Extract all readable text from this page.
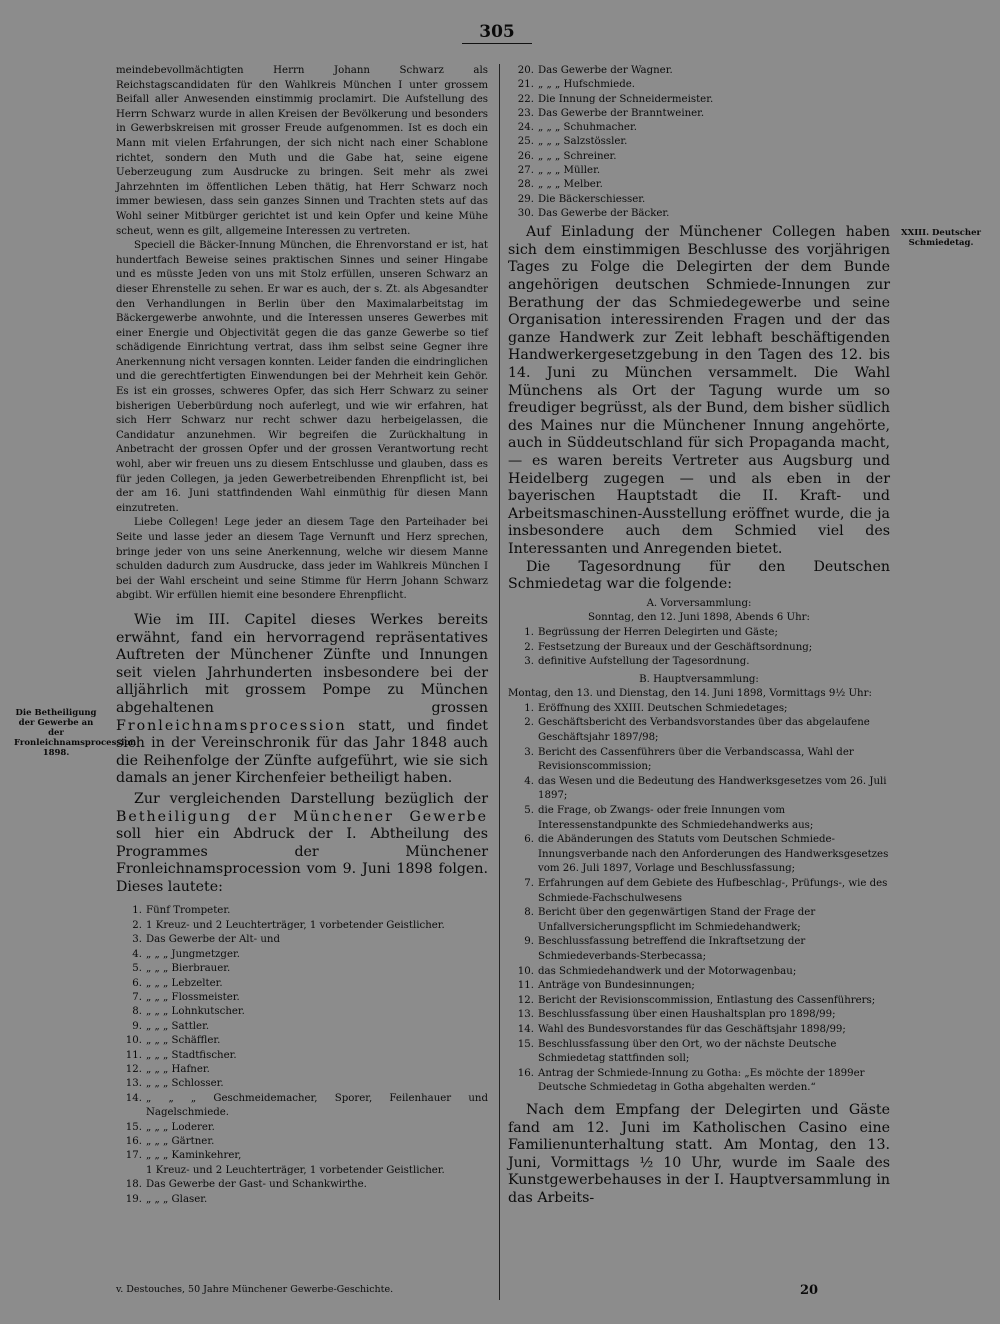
305

meindebevollmächtigten Herrn Johann Schwarz als Reichstagscandidaten für den Wahlkreis München I unter grossem Beifall aller Anwesenden einstimmig proclamirt. Die Aufstellung des Herrn Schwarz wurde in allen Kreisen der Bevölkerung und besonders in Gewerbskreisen mit grosser Freude aufgenommen. Ist es doch ein Mann mit vielen Erfahrungen, der sich nicht nach einer Schablone richtet, sondern den Muth und die Gabe hat, seine eigene Ueberzeugung zum Ausdrucke zu bringen. Seit mehr als zwei Jahrzehnten im öffentlichen Leben thätig, hat Herr Schwarz noch immer bewiesen, dass sein ganzes Sinnen und Trachten stets auf das Wohl seiner Mitbürger gerichtet ist und kein Opfer und keine Mühe scheut, wenn es gilt, allgemeine Interessen zu vertreten.

Speciell die Bäcker-Innung München, die Ehrenvorstand er ist, hat hundertfach Beweise seines praktischen Sinnes und seiner Hingabe und es müsste Jeden von uns mit Stolz erfüllen, unseren Schwarz an dieser Ehrenstelle zu sehen. Er war es auch, der s. Zt. als Abgesandter den Verhandlungen in Berlin über den Maximalarbeitstag im Bäckergewerbe anwohnte, und die Interessen unseres Gewerbes mit einer Energie und Objectivität gegen die das ganze Gewerbe so tief schädigende Einrichtung vertrat, dass ihm selbst seine Gegner ihre Anerkennung nicht versagen konnten. Leider fanden die eindringlichen und die gerechtfertigten Einwendungen bei der Mehrheit kein Gehör. Es ist ein grosses, schweres Opfer, das sich Herr Schwarz zu seiner bisherigen Ueberbürdung noch auferlegt, und wie wir erfahren, hat sich Herr Schwarz nur recht schwer dazu herbeigelassen, die Candidatur anzunehmen. Wir begreifen die Zurückhaltung in Anbetracht der grossen Opfer und der grossen Verantwortung recht wohl, aber wir freuen uns zu diesem Entschlusse und glauben, dass es für jeden Collegen, ja jeden Gewerbetreibenden Ehrenpflicht ist, bei der am 16. Juni stattfindenden Wahl einmüthig für diesen Mann einzutreten.

Liebe Collegen! Lege jeder an diesem Tage den Parteihader bei Seite und lasse jeder an diesem Tage Vernunft und Herz sprechen, bringe jeder von uns seine Anerkennung, welche wir diesem Manne schulden dadurch zum Ausdrucke, dass jeder im Wahlkreis München I bei der Wahl erscheint und seine Stimme für Herrn Johann Schwarz abgibt. Wir erfüllen hiemit eine besondere Ehrenpflicht.

Wie im III. Capitel dieses Werkes bereits erwähnt, fand ein hervorragend repräsentatives Auftreten der Münchener Zünfte und Innungen seit vielen Jahrhunderten insbesondere bei der alljährlich mit grossem Pompe zu München abgehaltenen grossen Fronleichnamsprocession statt, und findet sich in der Vereinschronik für das Jahr 1848 auch die Reihenfolge der Zünfte aufgeführt, wie sie sich damals an jener Kirchenfeier betheiligt haben.

Zur vergleichenden Darstellung bezüglich der Betheiligung der Münchener Gewerbe soll hier ein Abdruck der I. Abtheilung des Programmes der Münchener Fronleichnamsprocession vom 9. Juni 1898 folgen. Dieses lautete:

1. Fünf Trompeter.
2. 1 Kreuz- und 2 Leuchterträger, 1 vorbetender Geistlicher.
3. Das Gewerbe der Alt- und
4. „ „ „ Jungmetzger.
5. „ „ „ Bierbrauer.
6. „ „ „ Lebzelter.
7. „ „ „ Flossmeister.
8. „ „ „ Lohnkutscher.
9. „ „ „ Sattler.
10. „ „ „ Schäffler.
11. „ „ „ Stadtfischer.
12. „ „ „ Hafner.
13. „ „ „ Schlosser.
14. „ „ „ Geschmeidemacher, Sporer, Feilenhauer und Nagelschmiede.
15. „ „ „ Loderer.
16. „ „ „ Gärtner.
17. „ „ „ Kaminkehrer,
1 Kreuz- und 2 Leuchterträger, 1 vorbetender Geistlicher.
18. Das Gewerbe der Gast- und Schankwirthe.
19. „ „ „ Glaser.
Die Betheiligung der Gewerbe an der Fronleichnamsprocession 1898.
20. Das Gewerbe der Wagner.
21. „ „ „ Hufschmiede.
22. Die Innung der Schneidermeister.
23. Das Gewerbe der Branntweiner.
24. „ „ „ Schuhmacher.
25. „ „ „ Salzstössler.
26. „ „ „ Schreiner.
27. „ „ „ Müller.
28. „ „ „ Melber.
29. Die Bäckerschiesser.
30. Das Gewerbe der Bäcker.

Auf Einladung der Münchener Collegen haben sich dem einstimmigen Beschlusse des vorjährigen Tages zu Folge die Delegirten der dem Bunde angehörigen deutschen Schmiede-Innungen zur Berathung der das Schmiedegewerbe und seine Organisation interessirenden Fragen und der das ganze Handwerk zur Zeit lebhaft beschäftigenden Handwerkergesetzgebung in den Tagen des 12. bis 14. Juni zu München versammelt. Die Wahl Münchens als Ort der Tagung wurde um so freudiger begrüsst, als der Bund, dem bisher südlich des Maines nur die Münchener Innung angehörte, auch in Süddeutschland für sich Propaganda macht, — es waren bereits Vertreter aus Augsburg und Heidelberg zugegen — und als eben in der bayerischen Hauptstadt die II. Kraft- und Arbeitsmaschinen-Ausstellung eröffnet wurde, die ja insbesondere auch dem Schmied viel des Interessanten und Anregenden bietet.

Die Tagesordnung für den Deutschen Schmiedetag war die folgende:

A. Vorversammlung:
Sonntag, den 12. Juni 1898, Abends 6 Uhr:
1. Begrüssung der Herren Delegirten und Gäste;
2. Festsetzung der Bureaux und der Geschäftsordnung;
3. definitive Aufstellung der Tagesordnung.
B. Hauptversammlung:
Montag, den 13. und Dienstag, den 14. Juni 1898, Vormittags 9½ Uhr:
1. Eröffnung des XXIII. Deutschen Schmiedetages;
2. Geschäftsbericht des Verbandsvorstandes über das abgelaufene Geschäftsjahr 1897/98;
3. Bericht des Cassenführers über die Verbandscassa, Wahl der Revisionscommission;
4. das Wesen und die Bedeutung des Handwerksgesetzes vom 26. Juli 1897;
5. die Frage, ob Zwangs- oder freie Innungen vom Interessenstandpunkte des Schmiedehandwerks aus;
6. die Abänderungen des Statuts vom Deutschen Schmiede-Innungsverbande nach den Anforderungen des Handwerksgesetzes vom 26. Juli 1897, Vorlage und Beschlussfassung;
7. Erfahrungen auf dem Gebiete des Hufbeschlag-, Prüfungs-, wie des Schmiede-Fachschulwesens
8. Bericht über den gegenwärtigen Stand der Frage der Unfallversicherungspflicht im Schmiedehandwerk;
9. Beschlussfassung betreffend die Inkraftsetzung der Schmiedeverbands-Sterbecassa;
10. das Schmiedehandwerk und der Motorwagenbau;
11. Anträge von Bundesinnungen;
12. Bericht der Revisionscommission, Entlastung des Cassenführers;
13. Beschlussfassung über einen Haushaltsplan pro 1898/99;
14. Wahl des Bundesvorstandes für das Geschäftsjahr 1898/99;
15. Beschlussfassung über den Ort, wo der nächste Deutsche Schmiedetag stattfinden soll;
16. Antrag der Schmiede-Innung zu Gotha: „Es möchte der 1899er Deutsche Schmiedetag in Gotha abgehalten werden.“

Nach dem Empfang der Delegirten und Gäste fand am 12. Juni im Katholischen Casino eine Familienunterhaltung statt. Am Montag, den 13. Juni, Vormittags ½ 10 Uhr, wurde im Saale des Kunstgewerbehauses in der I. Hauptversammlung in das Arbeits-

XXIII. Deutscher Schmiedetag.
v. Destouches, 50 Jahre Münchener Gewerbe-Geschichte.	20
